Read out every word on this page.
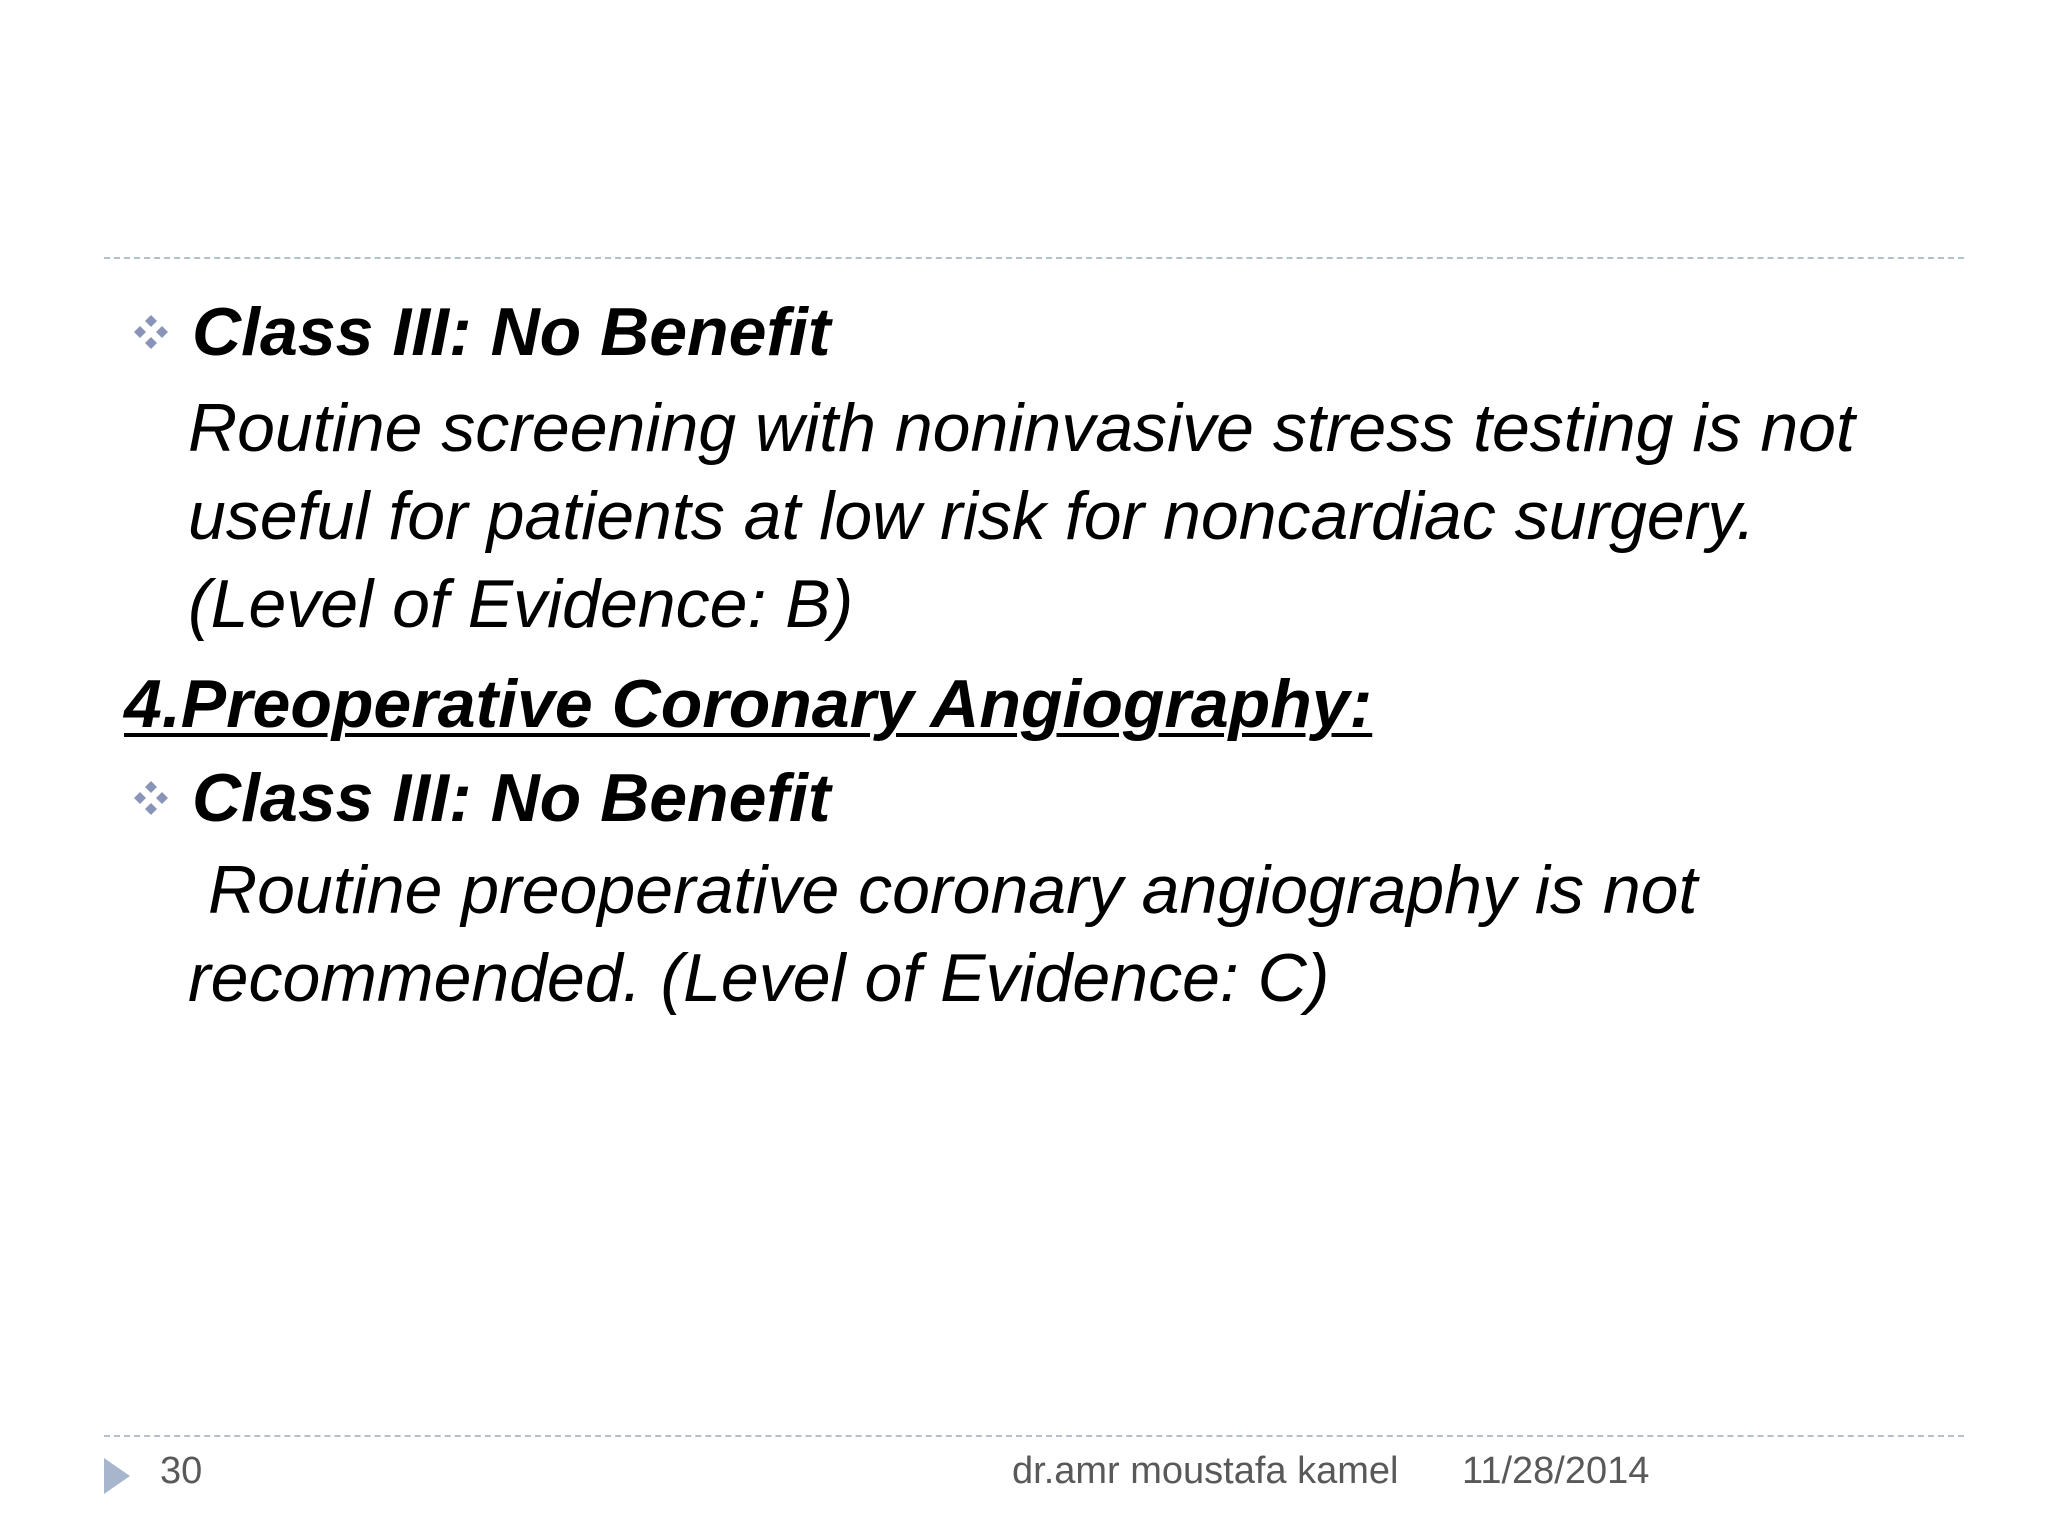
Class III: No Benefit
Routine screening with noninvasive stress testing is not useful for patients at low risk for noncardiac surgery. (Level of Evidence: B)
4.Preoperative Coronary Angiography:
Class III: No Benefit
Routine preoperative coronary angiography is not recommended. (Level of Evidence: C)
30	dr.amr moustafa kamel 11/28/2014
